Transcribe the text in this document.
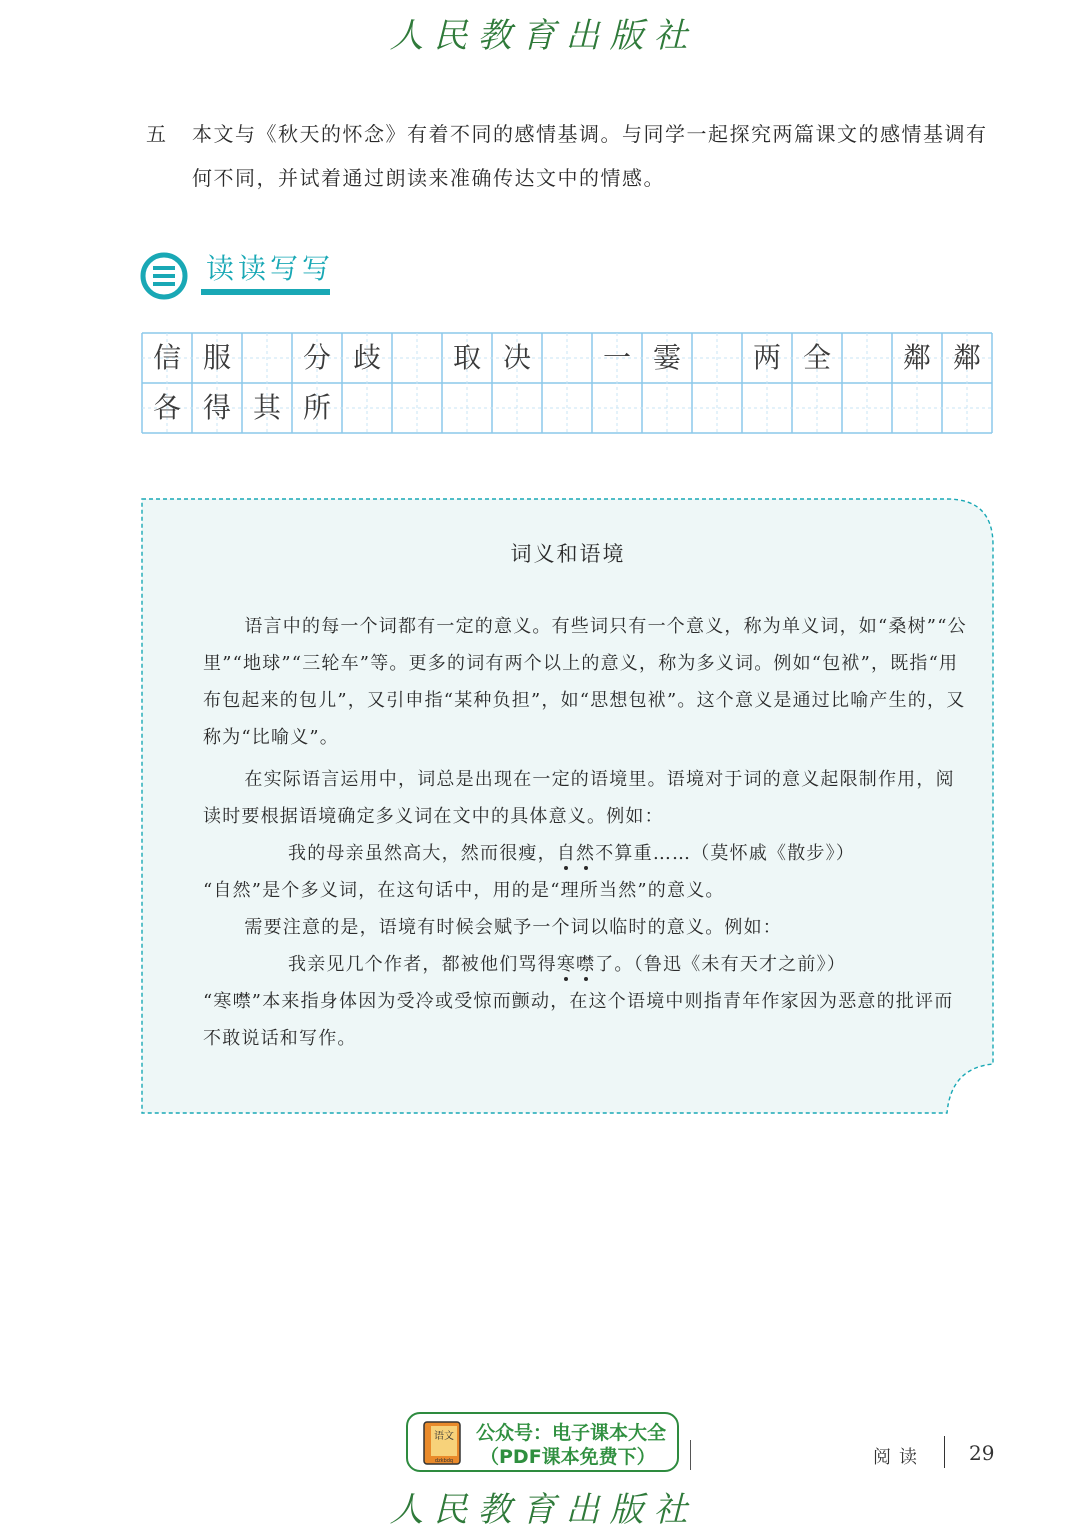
人民教育出版社
五	本文与《秋天的怀念》有着不同的感情基调。与同学一起探究两篇课文的感情基调有何不同，并试着通过朗读来准确传达文中的情感。
读读写写
信 服	分 歧	取 决	一 霎	两 全	鄰 鄰
各 得 其 所
词义和语境
语言中的每一个词都有一定的意义。有些词只有一个意义，称为单义词，如“桑树”“公里”“地球”“三轮车”等。更多的词有两个以上的意义，称为多义词。例如“包袱”，既指“用布包起来的包儿”，又引申指“某种负担”，如“思想包袱”。这个意义是通过比喻产生的，又称为“比喻义”。
在实际语言运用中，词总是出现在一定的语境里。语境对于词的意义起限制作用，阅读时要根据语境确定多义词在文中的具体意义。例如：
我的母亲虽然高大，然而很瘦，自然不算重……（莫怀戚《散步》）
“自然”是个多义词，在这句话中，用的是“理所当然”的意义。
需要注意的是，语境有时候会赋予一个词以临时的意义。例如：
我亲见几个作者，都被他们骂得寒噤了。（鲁迅《未有天才之前》）
“寒噤”本来指身体因为受冷或受惊而颤动，在这个语境中则指青年作家因为恶意的批评而不敢说话和写作。
语文
dzkbdq
公众号：电子课本大全
（PDF课本免费下）	阅读 29
人民教育出版社
